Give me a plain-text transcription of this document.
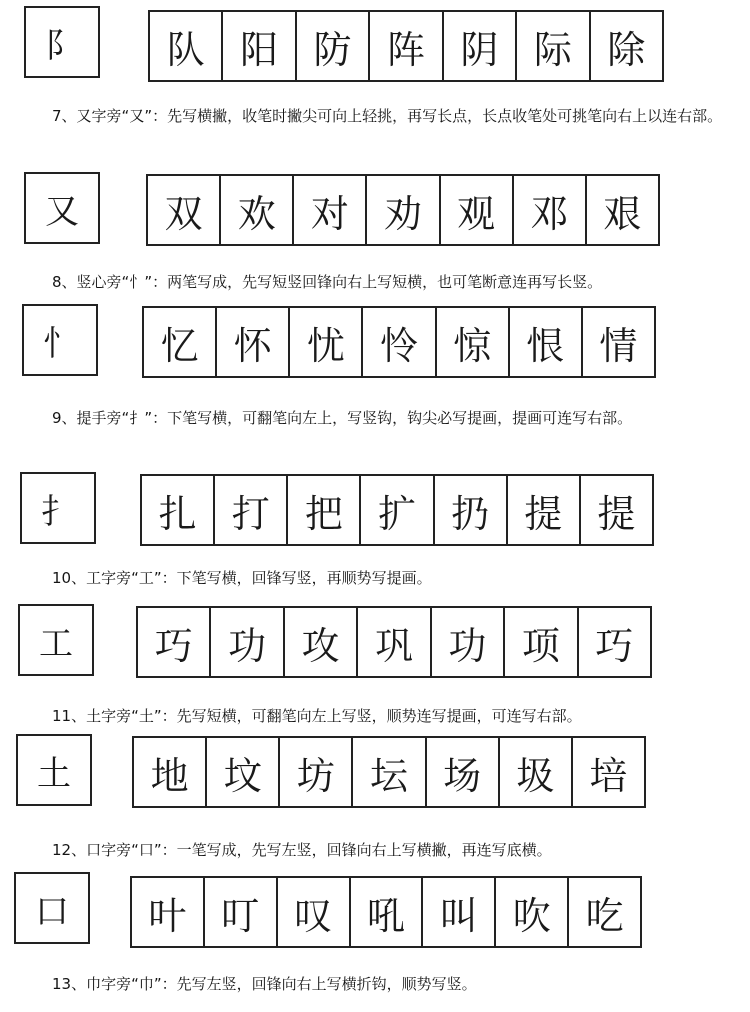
阝	队 阳 防 阵 阴 际 除
7、又字旁“又”：先写横撇，收笔时撇尖可向上轻挑，再写长点，长点收笔处可挑笔向右上以连右部。
又	双 欢 对 劝 观 邓 艰
8、竖心旁“忄”：两笔写成，先写短竖回锋向右上写短横，也可笔断意连再写长竖。
忄	忆 怀 忧 怜 惊 恨 情
9、提手旁“扌”：下笔写横，可翻笔向左上，写竖钩，钩尖必写提画，提画可连写右部。
扌	扎 打 把 扩 扔 提 提
10、工字旁“工”：下笔写横，回锋写竖，再顺势写提画。
工	巧 功 攻 巩 功 项 巧
11、土字旁“土”：先写短横，可翻笔向左上写竖，顺势连写提画，可连写右部。
土	地 坟 坊 坛 场 圾 培
12、口字旁“口”：一笔写成，先写左竖，回锋向右上写横撇，再连写底横。
口	叶 叮 叹 吼 叫 吹 吃
13、巾字旁“巾”：先写左竖，回锋向右上写横折钩，顺势写竖。
